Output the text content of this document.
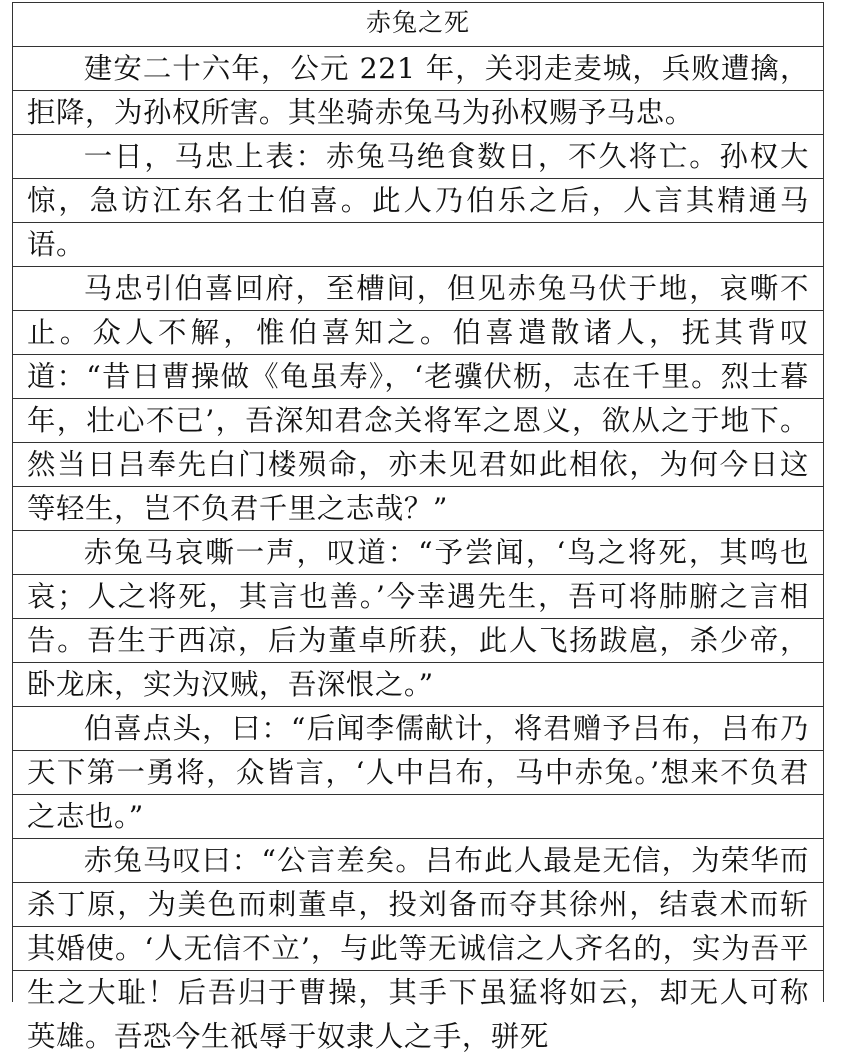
赤兔之死

建安二十六年，公元 221 年，关羽走麦城，兵败遭擒，拒降，为孙权所害。其坐骑赤兔马为孙权赐予马忠。

一日，马忠上表：赤兔马绝食数日，不久将亡。孙权大惊，急访江东名士伯喜。此人乃伯乐之后，人言其精通马语。

马忠引伯喜回府，至槽间，但见赤兔马伏于地，哀嘶不止。众人不解，惟伯喜知之。伯喜遣散诸人，抚其背叹道：“昔日曹操做《龟虽寿》，‘老骥伏枥，志在千里。烈士暮年，壮心不已’，吾深知君念关将军之恩义，欲从之于地下。然当日吕奉先白门楼殒命，亦未见君如此相依，为何今日这等轻生，岂不负君千里之志哉？”

赤兔马哀嘶一声，叹道：“予尝闻，‘鸟之将死，其鸣也哀；人之将死，其言也善。’今幸遇先生，吾可将肺腑之言相告。吾生于西凉，后为董卓所获，此人飞扬跋扈，杀少帝，卧龙床，实为汉贼，吾深恨之。”

伯喜点头，曰：“后闻李儒献计，将君赠予吕布，吕布乃天下第一勇将，众皆言，‘人中吕布，马中赤兔。’想来不负君之志也。”

赤兔马叹曰：“公言差矣。吕布此人最是无信，为荣华而杀丁原，为美色而刺董卓，投刘备而夺其徐州，结袁术而斩其婚使。‘人无信不立’，与此等无诚信之人齐名的，实为吾平生之大耻！后吾归于曹操，其手下虽猛将如云，却无人可称英雄。吾恐今生祇辱于奴隶人之手，骈死
